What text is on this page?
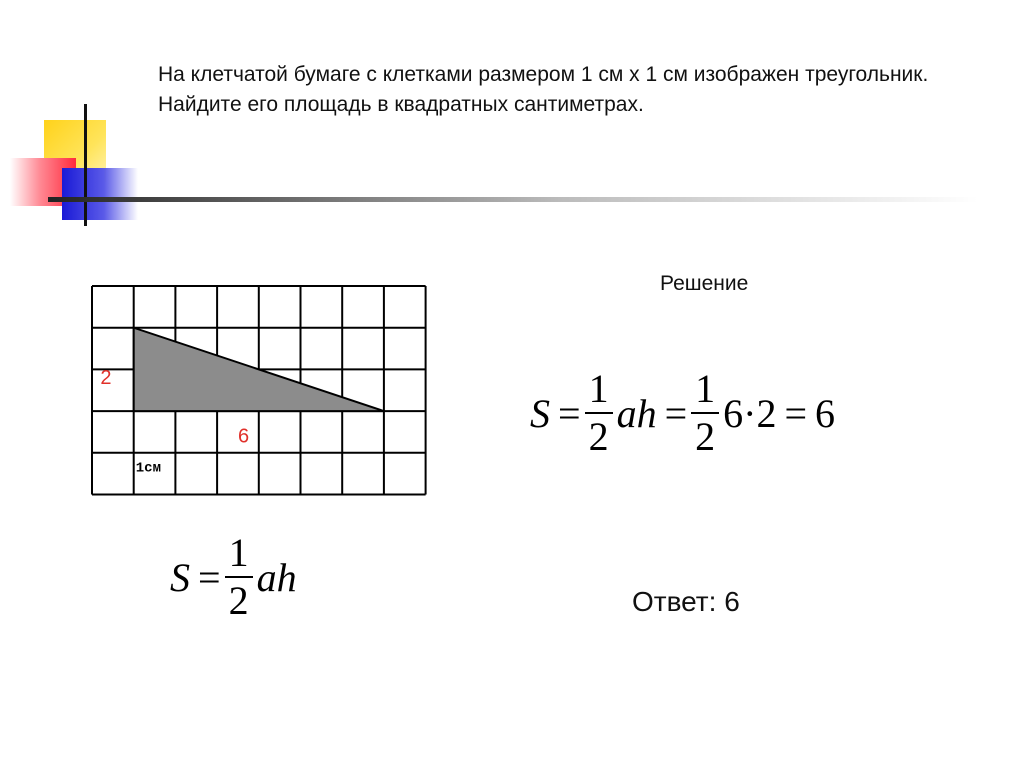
На клетчатой бумаге с клетками размером 1 см х 1 см изображен треугольник. Найдите его площадь в квадратных сантиметрах.
2
6
1см
Решение
$S = \frac{1}{2}$ ah = $\frac{1}{2} 6 \cdot 2 = 6$
$S = \frac{1}{2}$ ah
Ответ: 6
